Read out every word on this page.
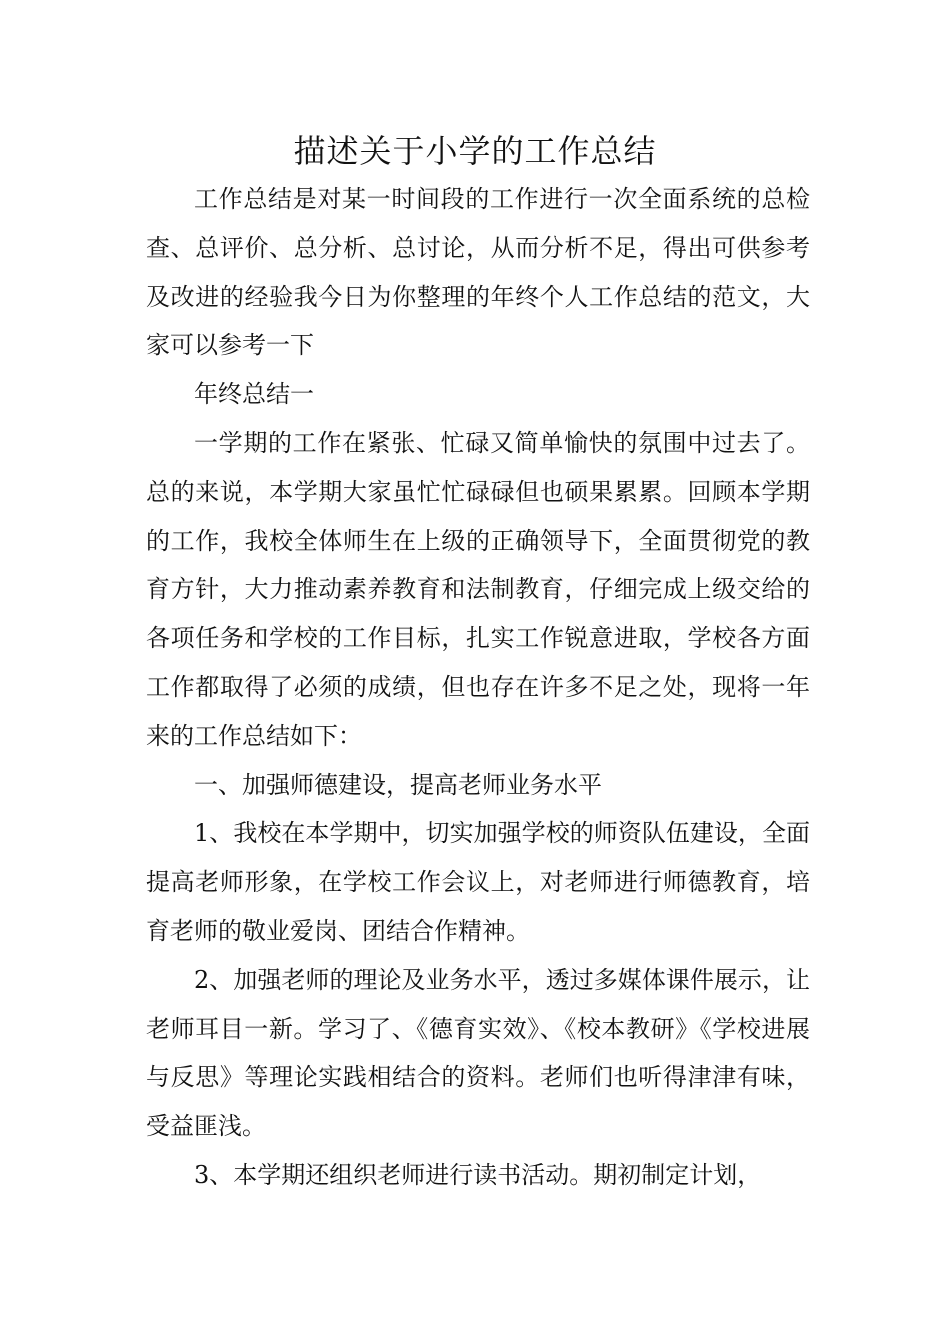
描述关于小学的工作总结

工作总结是对某一时间段的工作进行一次全面系统的总检查、总评价、总分析、总讨论，从而分析不足，得出可供参考及改进的经验我今日为你整理的年终个人工作总结的范文，大家可以参考一下

年终总结一

一学期的工作在紧张、忙碌又简单愉快的氛围中过去了。总的来说，本学期大家虽忙忙碌碌但也硕果累累。回顾本学期的工作，我校全体师生在上级的正确领导下，全面贯彻党的教育方针，大力推动素养教育和法制教育，仔细完成上级交给的各项任务和学校的工作目标，扎实工作锐意进取，学校各方面工作都取得了必须的成绩，但也存在许多不足之处，现将一年来的工作总结如下：

一、加强师德建设，提高老师业务水平

1、我校在本学期中，切实加强学校的师资队伍建设，全面提高老师形象，在学校工作会议上，对老师进行师德教育，培育老师的敬业爱岗、团结合作精神。

2、加强老师的理论及业务水平，透过多媒体课件展示，让老师耳目一新。学习了、《德育实效》、《校本教研》《学校进展与反思》等理论实践相结合的资料。老师们也听得津津有味，受益匪浅。

3、本学期还组织老师进行读书活动。期初制定计划，
